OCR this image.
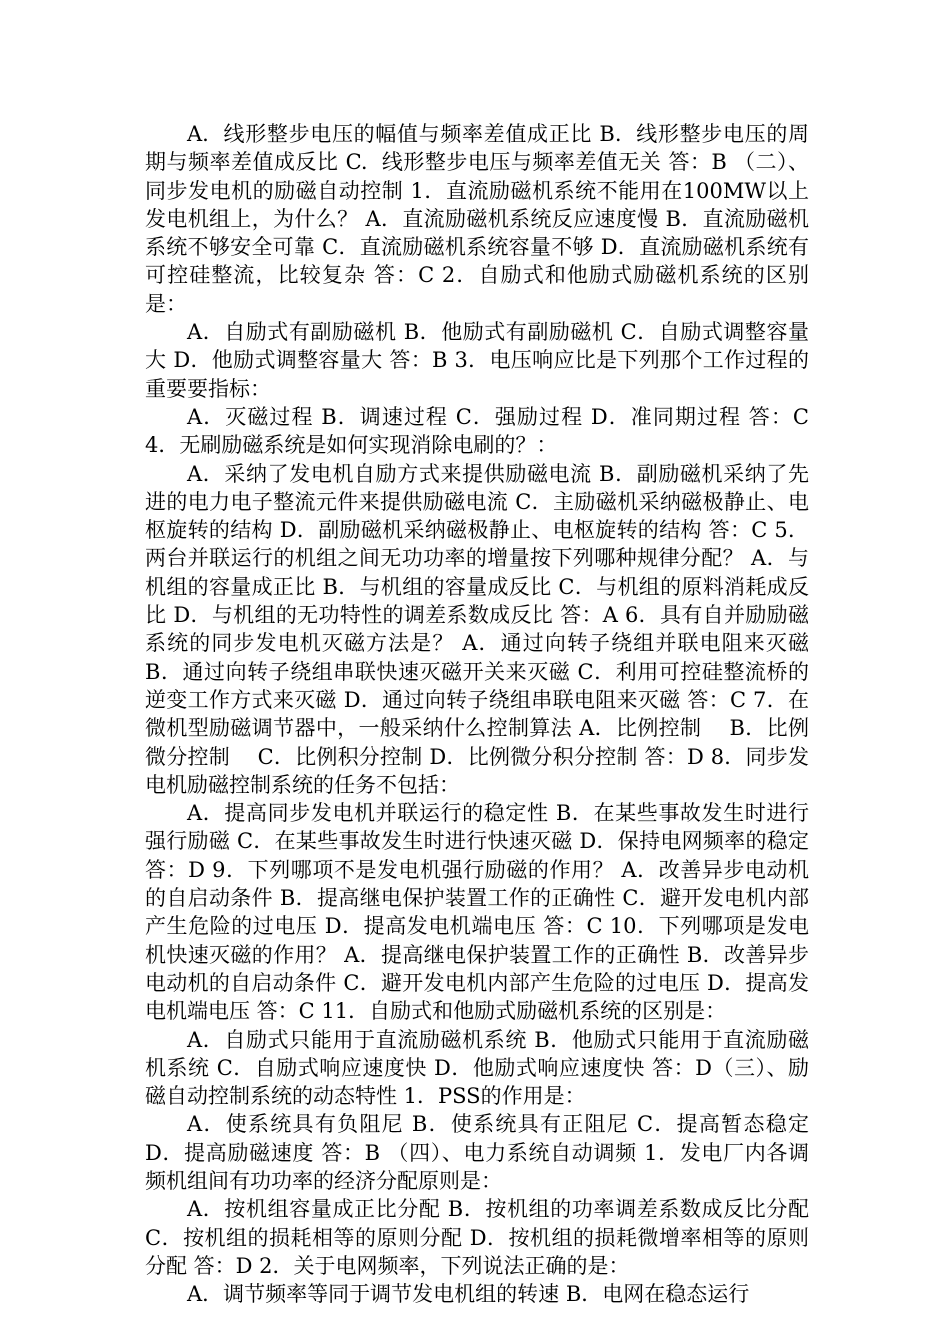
A.  线形整步电压的幅值与频率差值成正比 B.  线形整步电压的周期与频率差值成反比 C.  线形整步电压与频率差值无关 答：B （二）、同步发电机的励磁自动控制 1．直流励磁机系统不能用在100MW以上发电机组上，为什么？ A．直流励磁机系统反应速度慢 B．直流励磁机系统不够安全可靠 C．直流励磁机系统容量不够 D．直流励磁机系统有可控硅整流，比较复杂 答：C 2．自励式和他励式励磁机系统的区别是：

A．自励式有副励磁机 B．他励式有副励磁机 C．自励式调整容量大 D．他励式调整容量大 答：B 3．电压响应比是下列那个工作过程的重要要指标：

A．灭磁过程 B．调速过程 C．强励过程 D．准同期过程 答：C 4．无刷励磁系统是如何实现消除电刷的？：

A．采纳了发电机自励方式来提供励磁电流 B．副励磁机采纳了先进的电力电子整流元件来提供励磁电流 C．主励磁机采纳磁极静止、电枢旋转的结构 D．副励磁机采纳磁极静止、电枢旋转的结构 答：C 5．两台并联运行的机组之间无功功率的增量按下列哪种规律分配？ A．与机组的容量成正比 B．与机组的容量成反比 C．与机组的原料消耗成反比 D．与机组的无功特性的调差系数成反比 答：A 6．具有自并励励磁系统的同步发电机灭磁方法是？ A．通过向转子绕组并联电阻来灭磁 B．通过向转子绕组串联快速灭磁开关来灭磁 C．利用可控硅整流桥的逆变工作方式来灭磁 D．通过向转子绕组串联电阻来灭磁 答：C 7．在微机型励磁调节器中，一般采纳什么控制算法 A．比例控制    B．比例微分控制    C．比例积分控制 D．比例微分积分控制 答：D 8．同步发电机励磁控制系统的任务不包括：

A．提高同步发电机并联运行的稳定性 B．在某些事故发生时进行强行励磁 C．在某些事故发生时进行快速灭磁 D．保持电网频率的稳定 答：D 9．下列哪项不是发电机强行励磁的作用？ A．改善异步电动机的自启动条件 B．提高继电保护装置工作的正确性 C．避开发电机内部产生危险的过电压 D．提高发电机端电压 答：C 10．下列哪项是发电机快速灭磁的作用？ A．提高继电保护装置工作的正确性 B．改善异步电动机的自启动条件 C．避开发电机内部产生危险的过电压 D．提高发电机端电压 答：C 11．自励式和他励式励磁机系统的区别是：

A．自励式只能用于直流励磁机系统 B．他励式只能用于直流励磁机系统 C．自励式响应速度快 D．他励式响应速度快 答：D（三）、励磁自动控制系统的动态特性 1．PSS的作用是：

A．使系统具有负阻尼 B．使系统具有正阻尼 C．提高暂态稳定 D．提高励磁速度 答：B （四）、电力系统自动调频 1．发电厂内各调频机组间有功功率的经济分配原则是：

A．按机组容量成正比分配 B．按机组的功率调差系数成反比分配 C．按机组的损耗相等的原则分配 D．按机组的损耗微增率相等的原则分配 答：D 2．关于电网频率，下列说法正确的是：

A．调节频率等同于调节发电机组的转速 B．电网在稳态运行
